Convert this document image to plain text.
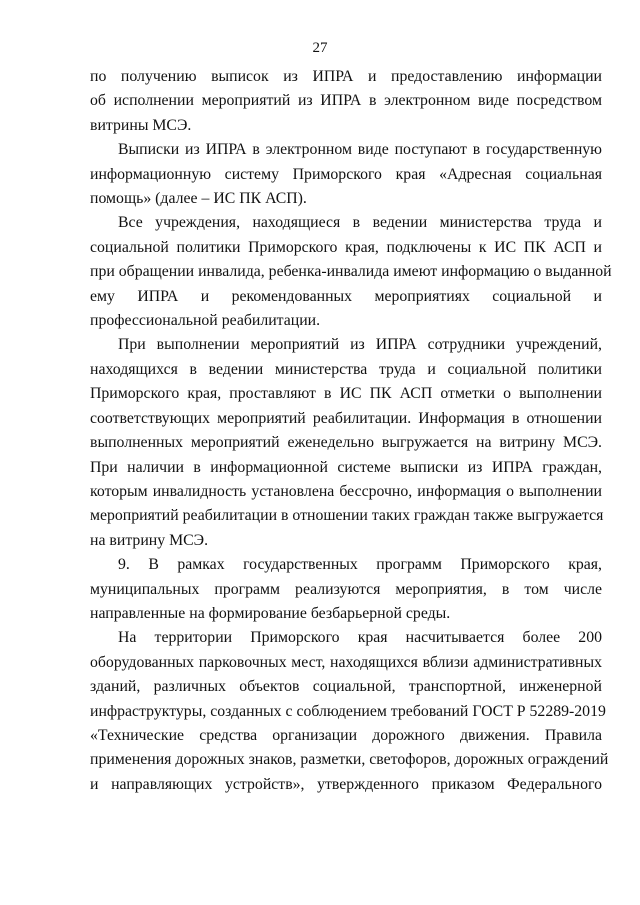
27

по получению выписок из ИПРА и предоставлению информации
об исполнении мероприятий из ИПРА в электронном виде посредством
витрины МСЭ.

Выписки из ИПРА в электронном виде поступают в государственную
информационную систему Приморского края «Адресная социальная
помощь» (далее – ИС ПК АСП).

Все учреждения, находящиеся в ведении министерства труда и
социальной политики Приморского края, подключены к ИС ПК АСП и
при обращении инвалида, ребенка-инвалида имеют информацию о выданной
ему ИПРА и рекомендованных мероприятиях социальной и
профессиональной реабилитации.

При выполнении мероприятий из ИПРА сотрудники учреждений,
находящихся в ведении министерства труда и социальной политики
Приморского края, проставляют в ИС ПК АСП отметки о выполнении
соответствующих мероприятий реабилитации. Информация в отношении
выполненных мероприятий еженедельно выгружается на витрину МСЭ.
При наличии в информационной системе выписки из ИПРА граждан,
которым инвалидность установлена бессрочно, информация о выполнении
мероприятий реабилитации в отношении таких граждан также выгружается
на витрину МСЭ.

9. В рамках государственных программ Приморского края,
муниципальных программ реализуются мероприятия, в том числе
направленные на формирование безбарьерной среды.

На территории Приморского края насчитывается более 200
оборудованных парковочных мест, находящихся вблизи административных
зданий, различных объектов социальной, транспортной, инженерной
инфраструктуры, созданных с соблюдением требований ГОСТ Р 52289-2019
«Технические средства организации дорожного движения. Правила
применения дорожных знаков, разметки, светофоров, дорожных ограждений
и направляющих устройств», утвержденного приказом Федерального
